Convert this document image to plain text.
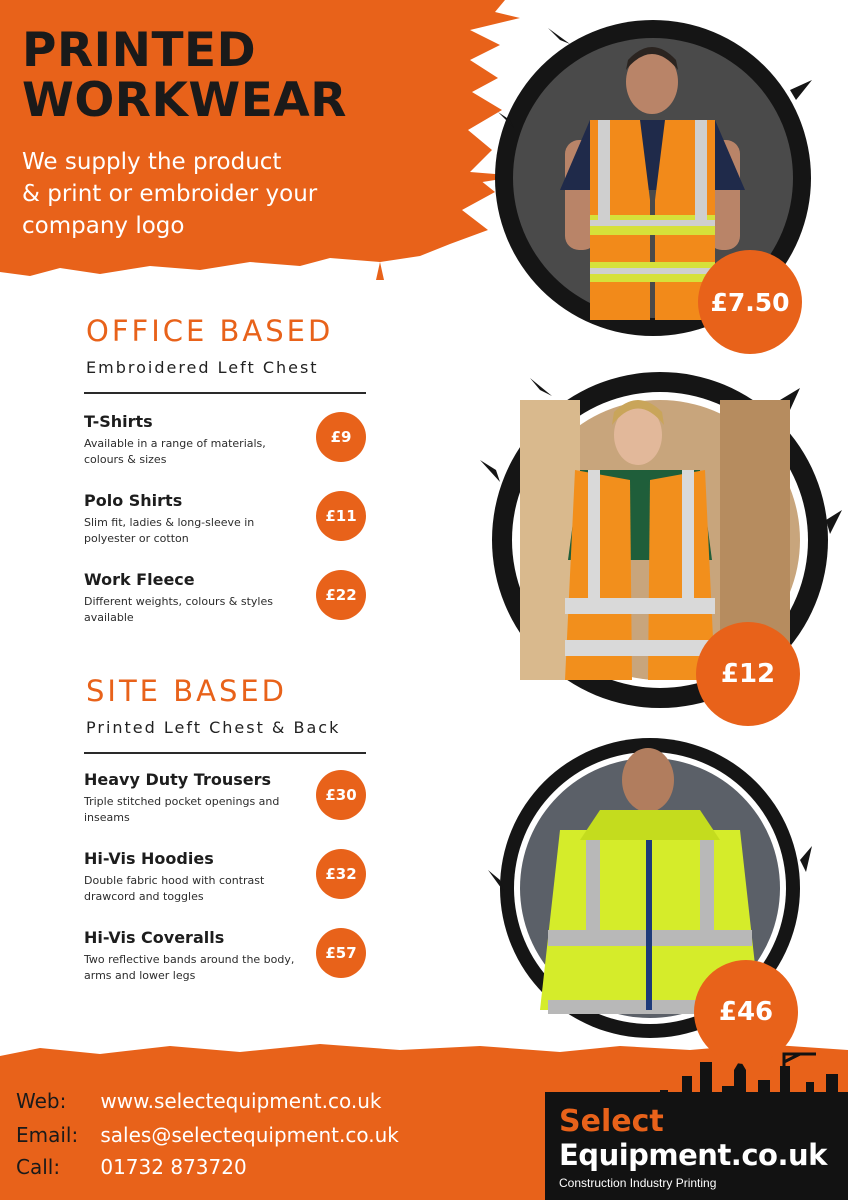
PRINTED
WORKWEAR
We supply the product
& print or embroider your
company logo
OFFICE BASED
Embroidered Left Chest
T-Shirts
Available in a range of materials, colours & sizes
£9
Polo Shirts
Slim fit, ladies & long-sleeve in polyester or cotton
£11
Work Fleece
Different weights, colours & styles available
£22
SITE BASED
Printed Left Chest & Back
Heavy Duty Trousers
Triple stitched pocket openings and inseams
£30
Hi-Vis Hoodies
Double fabric hood with contrast drawcord and toggles
£32
Hi-Vis Coveralls
Two reflective bands around the body, arms and lower legs
£57
£7.50
£12
£46
Web: www.selectequipment.co.uk
Email: sales@selectequipment.co.uk
Call: 01732 873720
Select
Equipment.co.uk
Construction Industry Printing
